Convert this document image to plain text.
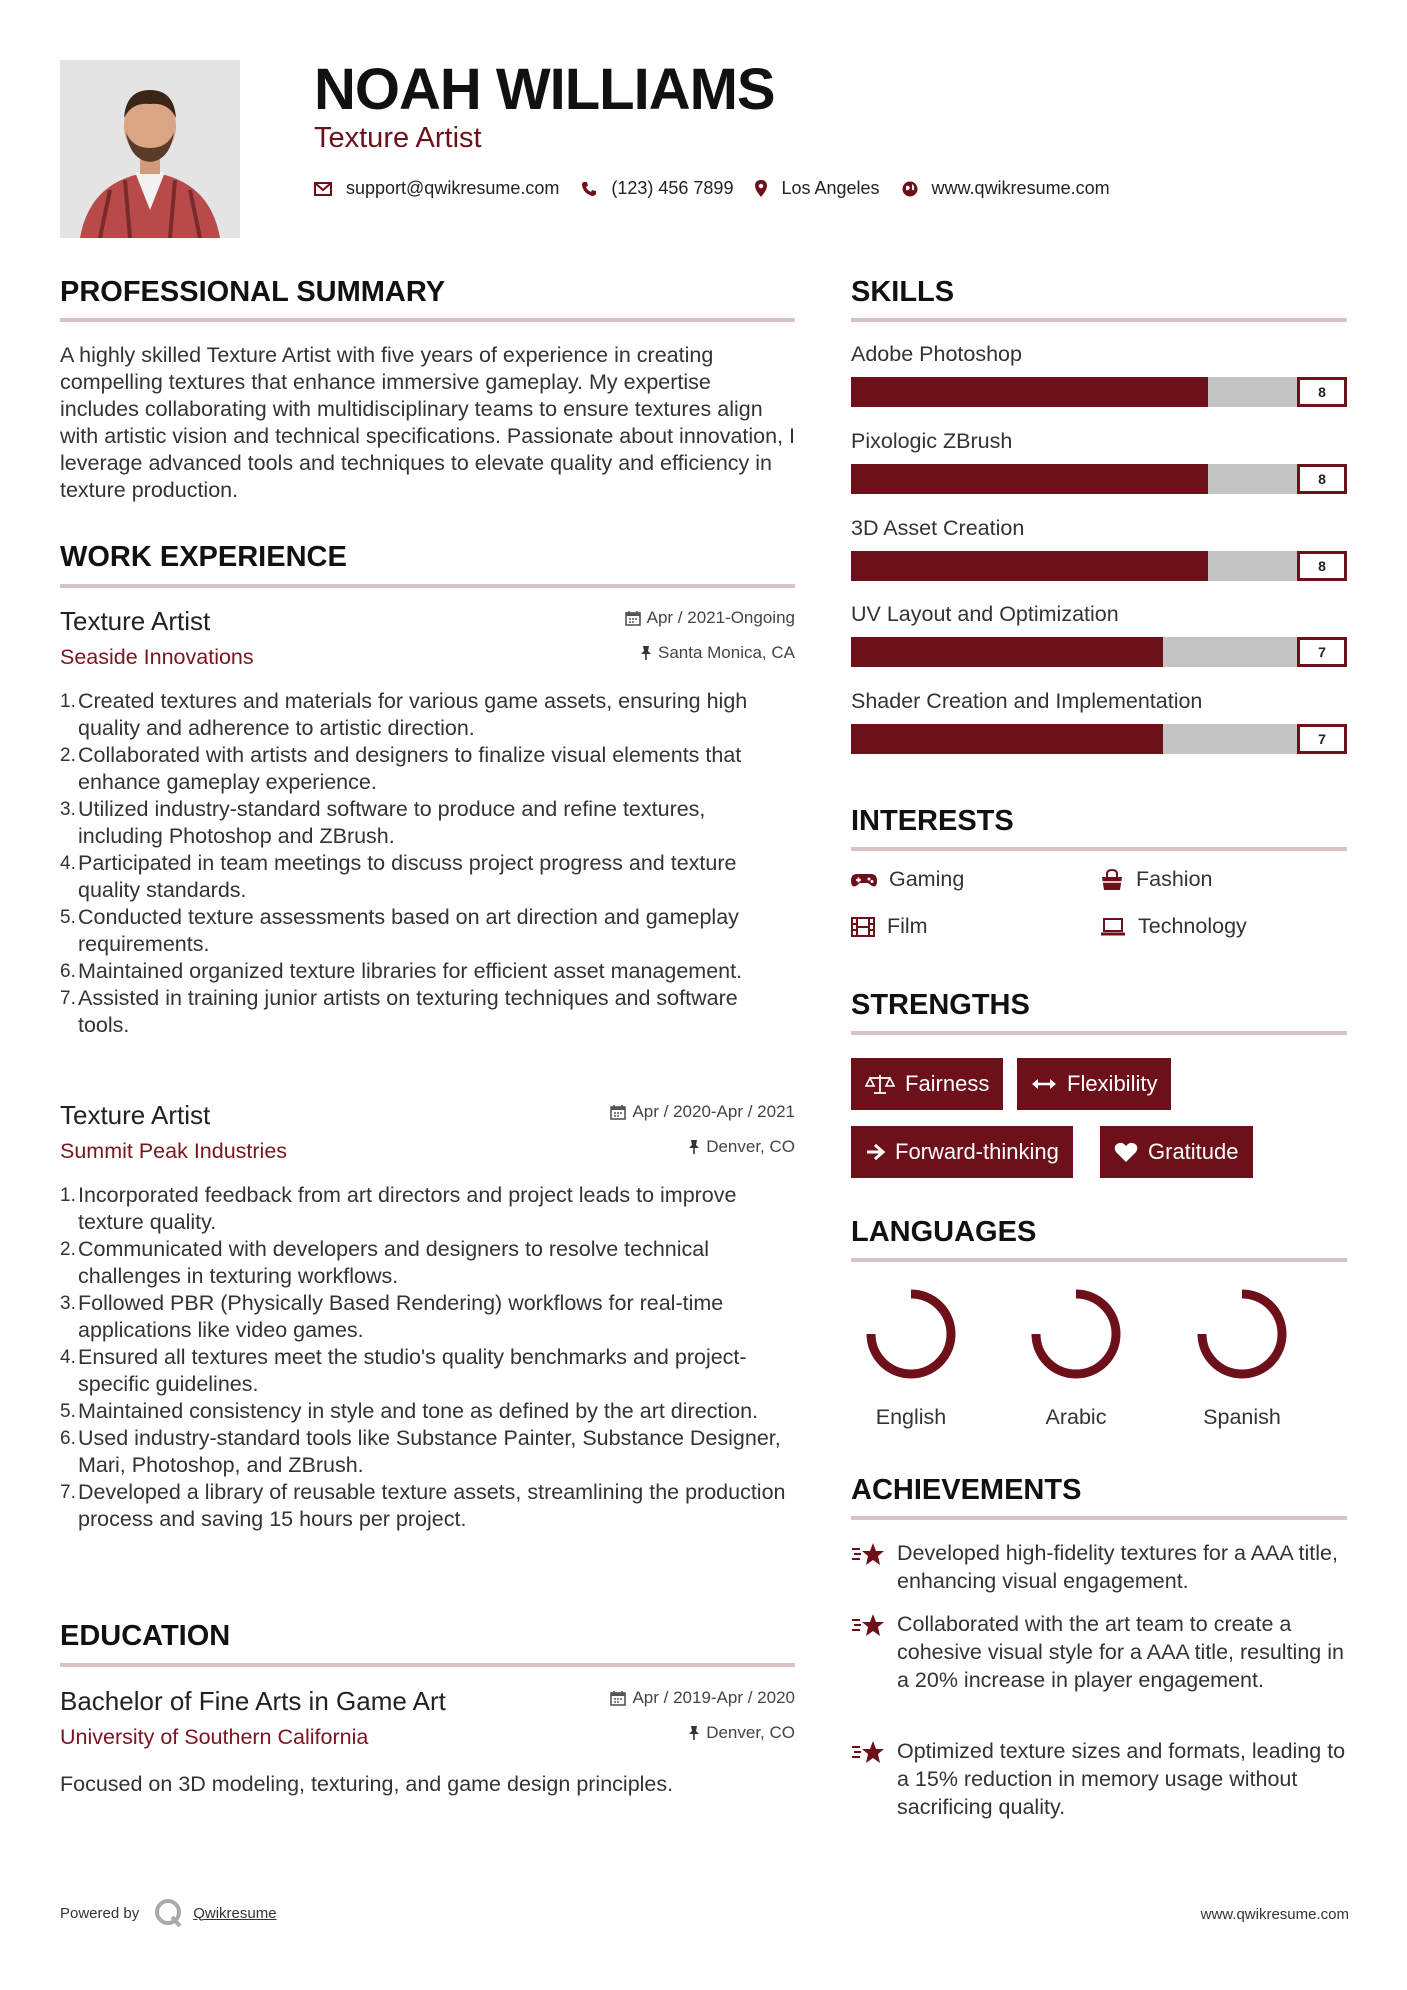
NOAH WILLIAMS
Texture Artist
support@qwikresume.com	(123) 456 7899	Los Angeles	www.qwikresume.com
PROFESSIONAL SUMMARY
A highly skilled Texture Artist with five years of experience in creating compelling textures that enhance immersive gameplay. My expertise includes collaborating with multidisciplinary teams to ensure textures align with artistic vision and technical specifications. Passionate about innovation, I leverage advanced tools and techniques to elevate quality and efficiency in texture production.
WORK EXPERIENCE
Texture Artist
Seaside Innovations
Apr / 2021-Ongoing
Santa Monica, CA
1. Created textures and materials for various game assets, ensuring high quality and adherence to artistic direction.
2. Collaborated with artists and designers to finalize visual elements that enhance gameplay experience.
3. Utilized industry-standard software to produce and refine textures, including Photoshop and ZBrush.
4. Participated in team meetings to discuss project progress and texture quality standards.
5. Conducted texture assessments based on art direction and gameplay requirements.
6. Maintained organized texture libraries for efficient asset management.
7. Assisted in training junior artists on texturing techniques and software tools.
Texture Artist
Summit Peak Industries
Apr / 2020-Apr / 2021
Denver, CO
1. Incorporated feedback from art directors and project leads to improve texture quality.
2. Communicated with developers and designers to resolve technical challenges in texturing workflows.
3. Followed PBR (Physically Based Rendering) workflows for real-time applications like video games.
4. Ensured all textures meet the studio's quality benchmarks and project-specific guidelines.
5. Maintained consistency in style and tone as defined by the art direction.
6. Used industry-standard tools like Substance Painter, Substance Designer, Mari, Photoshop, and ZBrush.
7. Developed a library of reusable texture assets, streamlining the production process and saving 15 hours per project.
EDUCATION
Bachelor of Fine Arts in Game Art
University of Southern California
Apr / 2019-Apr / 2020
Denver, CO
Focused on 3D modeling, texturing, and game design principles.
SKILLS
Adobe Photoshop
8
Pixologic ZBrush
8
3D Asset Creation
8
UV Layout and Optimization
7
Shader Creation and Implementation
7
INTERESTS
Gaming	Fashion
Film	Technology
STRENGTHS
Fairness	Flexibility
Forward-thinking	Gratitude
LANGUAGES
English	Arabic	Spanish
ACHIEVEMENTS
Developed high-fidelity textures for a AAA title, enhancing visual engagement.
Collaborated with the art team to create a cohesive visual style for a AAA title, resulting in a 20% increase in player engagement.
Optimized texture sizes and formats, leading to a 15% reduction in memory usage without sacrificing quality.
Powered by	Qwikresume	www.qwikresume.com
